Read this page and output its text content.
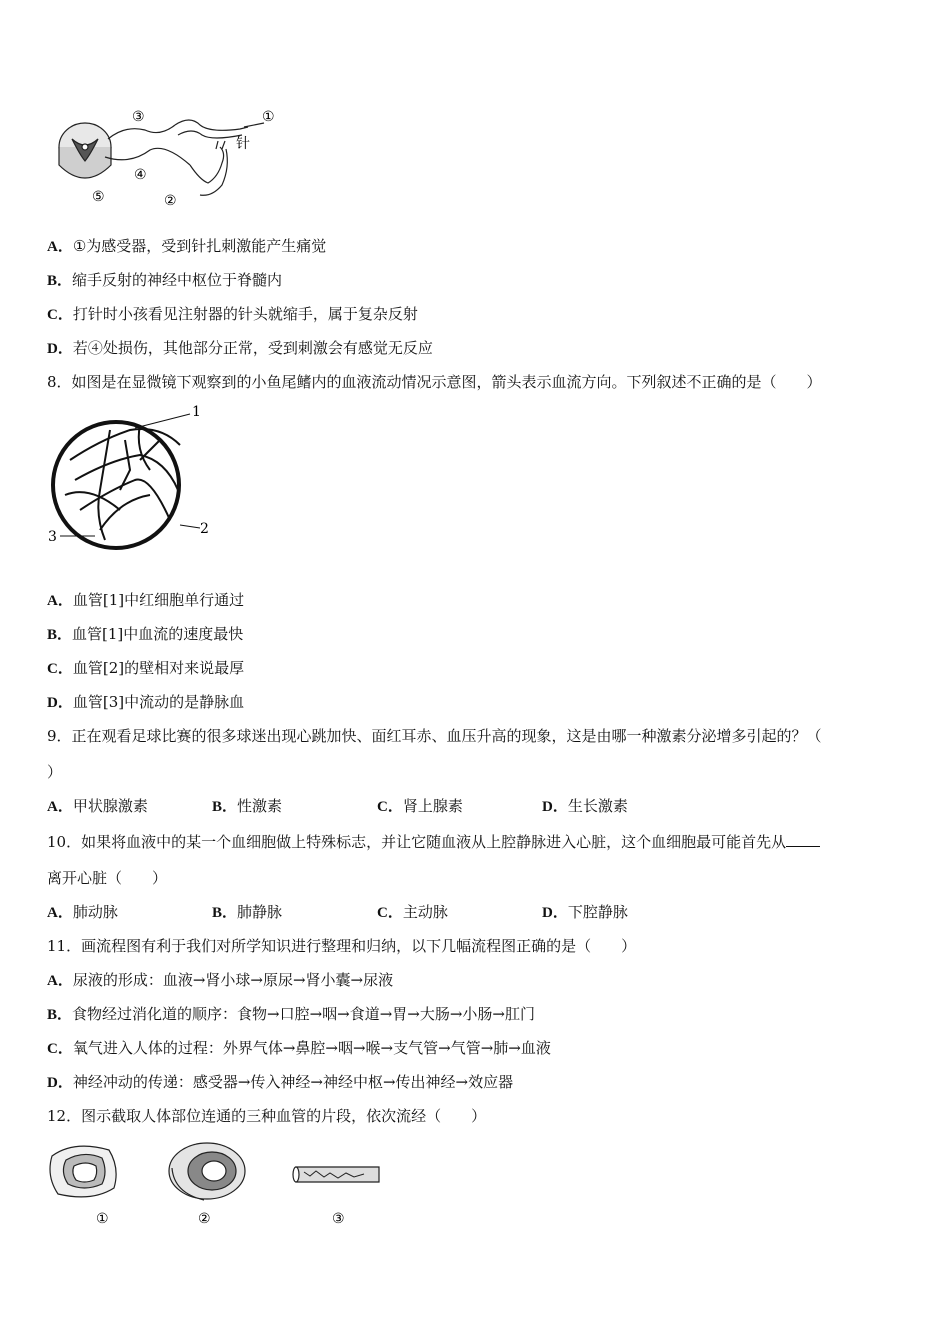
③	①
针
④
②
⑤
A．①为感受器，受到针扎刺激能产生痛觉
B．缩手反射的神经中枢位于脊髓内
C．打针时小孩看见注射器的针头就缩手，属于复杂反射
D．若④处损伤，其他部分正常，受到刺激会有感觉无反应
8．如图是在显微镜下观察到的小鱼尾鳍内的血液流动情况示意图，箭头表示血流方向。下列叙述不正确的是（　　）
1
2
3
A．血管[1]中红细胞单行通过
B．血管[1]中血流的速度最快
C．血管[2]的壁相对来说最厚
D．血管[3]中流动的是静脉血
9．正在观看足球比赛的很多球迷出现心跳加快、面红耳赤、血压升高的现象，这是由哪一种激素分泌增多引起的？（
）
A．甲状腺激素	B．性激素	C．肾上腺素	D．生长激素
10．如果将血液中的某一个血细胞做上特殊标志，并让它随血液从上腔静脉进入心脏，这个血细胞最可能首先从
离开心脏（　　）
A．肺动脉	B．肺静脉	C．主动脉	D．下腔静脉
11．画流程图有利于我们对所学知识进行整理和归纳，以下几幅流程图正确的是（　　）
A．尿液的形成：血液→肾小球→原尿→肾小囊→尿液
B．食物经过消化道的顺序：食物→口腔→咽→食道→胃→大肠→小肠→肛门
C．氧气进入人体的过程：外界气体→鼻腔→咽→喉→支气管→气管→肺→血液
D．神经冲动的传递：感受器→传入神经→神经中枢→传出神经→效应器
12．图示截取人体部位连通的三种血管的片段，依次流经（　　）
①	②	③
